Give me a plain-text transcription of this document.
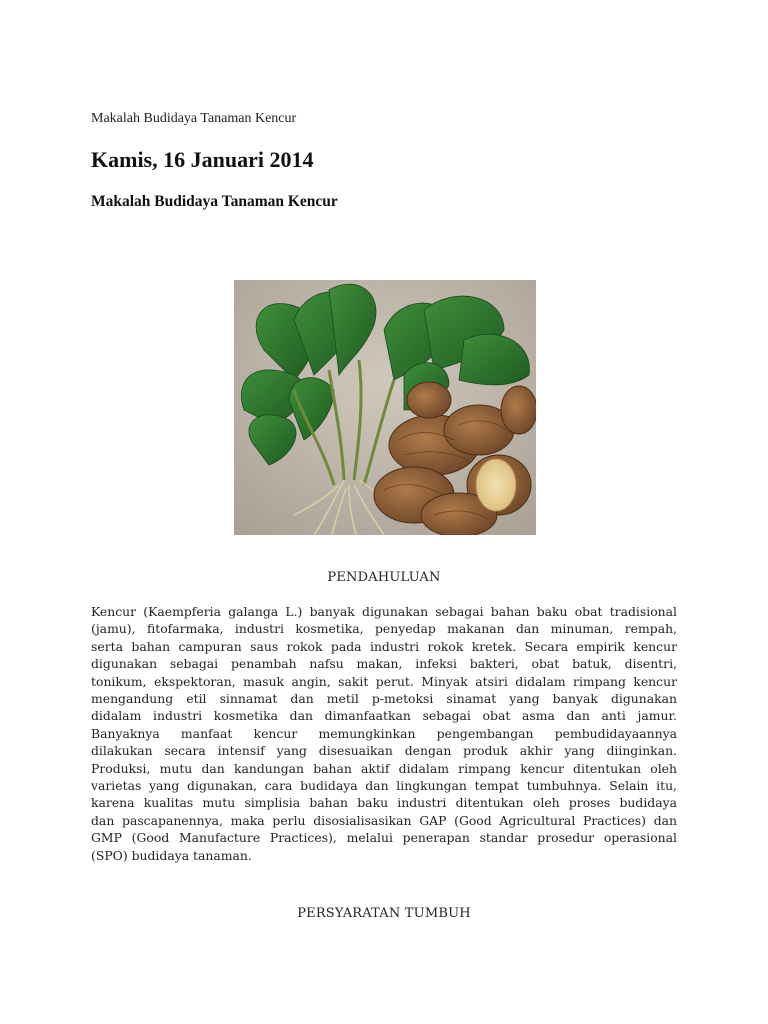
Makalah Budidaya Tanaman Kencur
Kamis, 16 Januari 2014
Makalah Budidaya Tanaman Kencur
PENDAHULUAN
Kencur (Kaempferia galanga L.) banyak digunakan sebagai bahan baku obat tradisional
(jamu), fitofarmaka, industri kosmetika, penyedap makanan dan minuman, rempah,
serta bahan campuran saus rokok pada industri rokok kretek. Secara empirik kencur
digunakan sebagai penambah nafsu makan, infeksi bakteri, obat batuk, disentri,
tonikum, ekspektoran, masuk angin, sakit perut. Minyak atsiri didalam rimpang kencur
mengandung etil sinnamat dan metil p-metoksi sinamat yang banyak digunakan
didalam industri kosmetika dan dimanfaatkan sebagai obat asma dan anti jamur.
Banyaknya manfaat kencur memungkinkan pengembangan pembudidayaannya
dilakukan secara intensif yang disesuaikan dengan produk akhir yang diinginkan.
Produksi, mutu dan kandungan bahan aktif didalam rimpang kencur ditentukan oleh
varietas yang digunakan, cara budidaya dan lingkungan tempat tumbuhnya. Selain itu,
karena kualitas mutu simplisia bahan baku industri ditentukan oleh proses budidaya
dan pascapanennya, maka perlu disosialisasikan GAP (Good Agricultural Practices) dan
GMP (Good Manufacture Practices), melalui penerapan standar prosedur operasional
(SPO) budidaya tanaman.
PERSYARATAN TUMBUH
